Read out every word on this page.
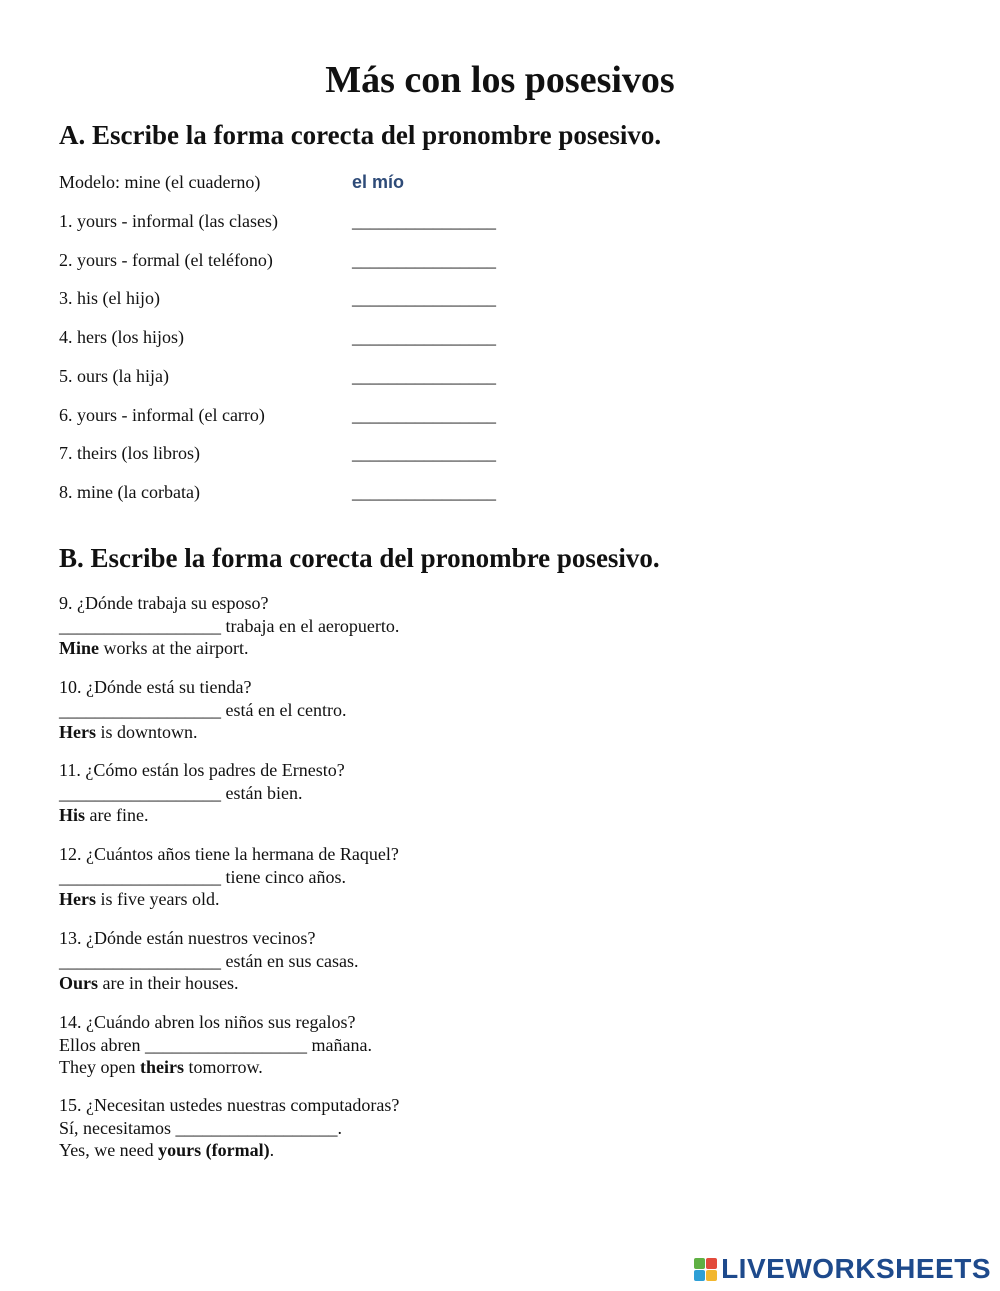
Más con los posesivos
A. Escribe la forma corecta del pronombre posesivo.
Modelo: mine (el cuaderno)	el mío
1. yours - informal (las clases)	________________
2. yours - formal (el teléfono)	________________
3. his (el hijo)	________________
4. hers (los hijos)	________________
5. ours (la hija)	________________
6. yours - informal (el carro)	________________
7. theirs (los libros)	________________
8. mine (la corbata)	________________
B. Escribe la forma corecta del pronombre posesivo.
9. ¿Dónde trabaja su esposo?
__________________ trabaja en el aeropuerto.
Mine works at the airport.
10. ¿Dónde está su tienda?
__________________ está en el centro.
Hers is downtown.
11. ¿Cómo están los padres de Ernesto?
__________________ están bien.
His are fine.
12. ¿Cuántos años tiene la hermana de Raquel?
__________________ tiene cinco años.
Hers is five years old.
13. ¿Dónde están nuestros vecinos?
__________________ están en sus casas.
Ours are in their houses.
14. ¿Cuándo abren los niños sus regalos?
Ellos abren __________________ mañana.
They open theirs tomorrow.
15. ¿Necesitan ustedes nuestras computadoras?
Sí, necesitamos __________________.
Yes, we need yours (formal).
LIVEWORKSHEETS
